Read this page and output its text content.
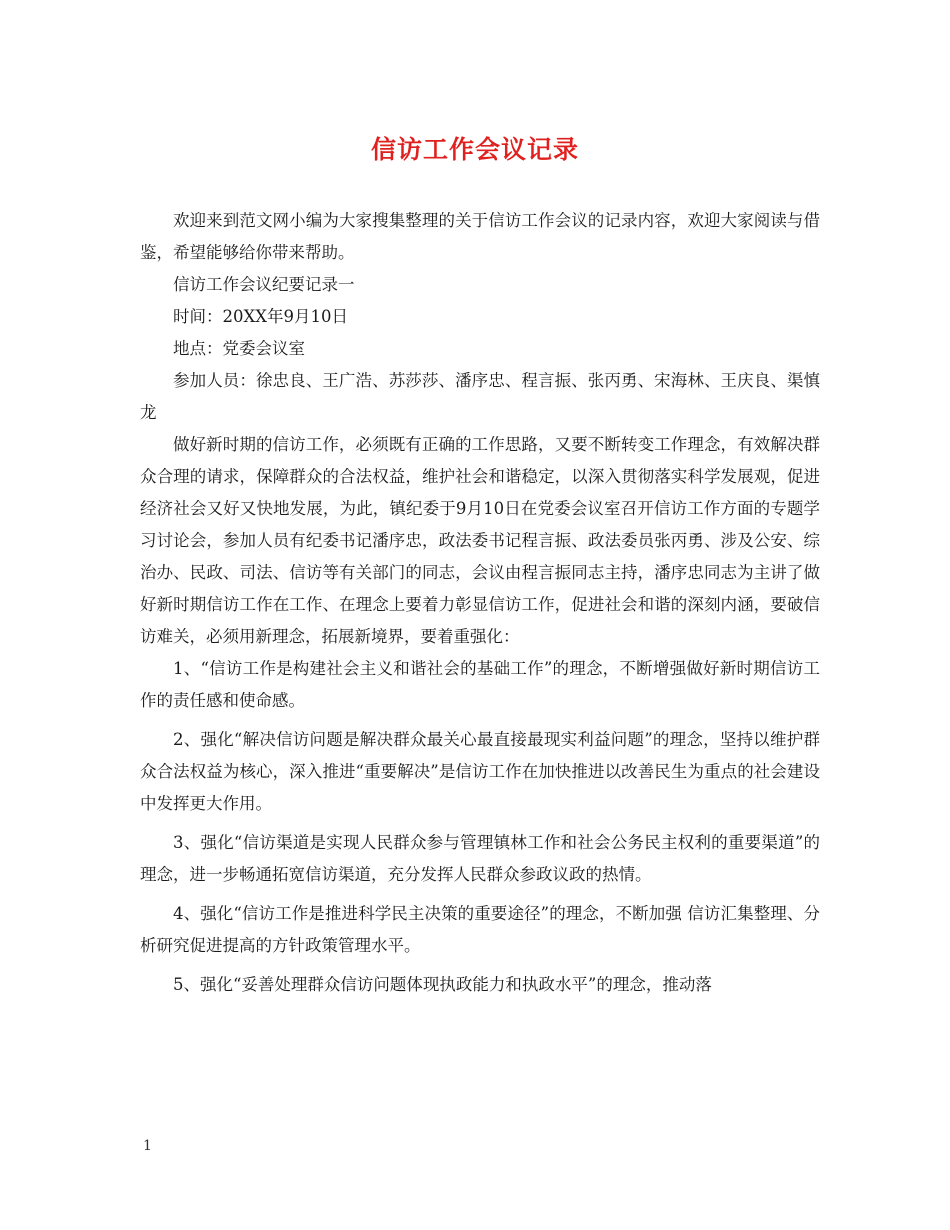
信访工作会议记录

欢迎来到范文网小编为大家搜集整理的关于信访工作会议的记录内容，欢迎大家阅读与借鉴，希望能够给你带来帮助。

信访工作会议纪要记录一

时间：20XX年9月10日

地点：党委会议室

参加人员：徐忠良、王广浩、苏莎莎、潘序忠、程言振、张丙勇、宋海林、王庆良、渠慎龙

做好新时期的信访工作，必须既有正确的工作思路，又要不断转变工作理念，有效解决群众合理的请求，保障群众的合法权益，维护社会和谐稳定，以深入贯彻落实科学发展观，促进经济社会又好又快地发展，为此，镇纪委于9月10日在党委会议室召开信访工作方面的专题学习讨论会，参加人员有纪委书记潘序忠，政法委书记程言振、政法委员张丙勇、涉及公安、综治办、民政、司法、信访等有关部门的同志，会议由程言振同志主持，潘序忠同志为主讲了做好新时期信访工作在工作、在理念上要着力彰显信访工作，促进社会和谐的深刻内涵，要破信访难关，必须用新理念，拓展新境界，要着重强化：

1、“信访工作是构建社会主义和谐社会的基础工作”的理念，不断增强做好新时期信访工作的责任感和使命感。

2、强化“解决信访问题是解决群众最关心最直接最现实利益问题”的理念，坚持以维护群众合法权益为核心，深入推进“重要解决”是信访工作在加快推进以改善民生为重点的社会建设中发挥更大作用。

3、强化“信访渠道是实现人民群众参与管理镇林工作和社会公务民主权利的重要渠道”的理念，进一步畅通拓宽信访渠道，充分发挥人民群众参政议政的热情。

4、强化“信访工作是推进科学民主决策的重要途径”的理念，不断加强 信访汇集整理、分析研究促进提高的方针政策管理水平。

5、强化“妥善处理群众信访问题体现执政能力和执政水平”的理念，推动落

1
